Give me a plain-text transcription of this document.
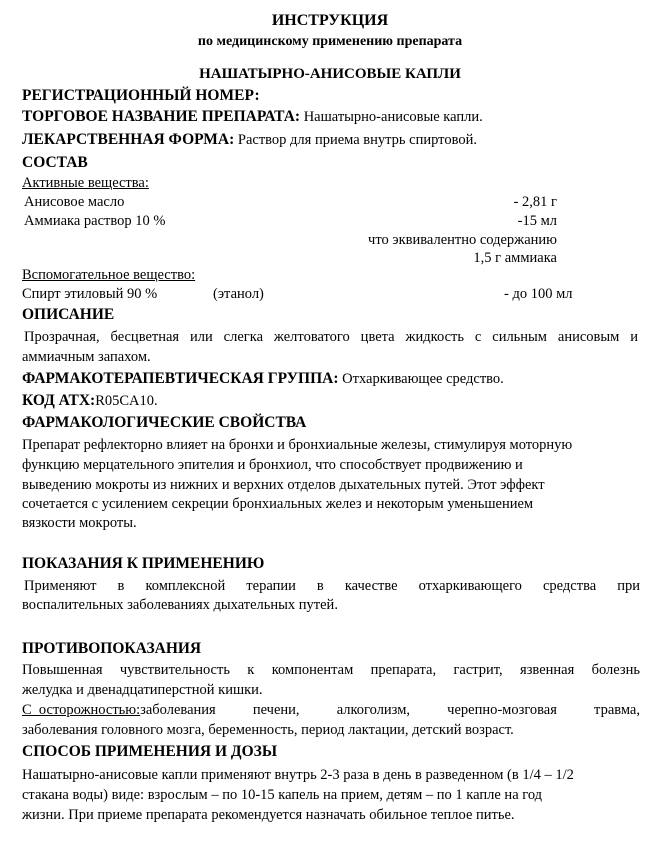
ИНСТРУКЦИЯ
по медицинскому применению препарата
НАШАТЫРНО-АНИСОВЫЕ КАПЛИ
РЕГИСТРАЦИОННЫЙ НОМЕР:
ТОРГОВОЕ НАЗВАНИЕ ПРЕПАРАТА: Нашатырно-анисовые капли.
ЛЕКАРСТВЕННАЯ ФОРМА: Раствор для приема внутрь спиртовой.
СОСТАВ
Активные вещества:
Анисовое масло	- 2,81 г
Аммиака раствор 10 %	-15 мл
что эквивалентно содержанию
1,5 г аммиака
Вспомогательное вещество:
Спирт этиловый 90 %	(этанол)	- до 100 мл
ОПИСАНИЕ
Прозрачная, бесцветная или слегка желтоватого цвета жидкость с сильным анисовым и
аммиачным запахом.
ФАРМАКОТЕРАПЕВТИЧЕСКАЯ ГРУППА: Отхаркивающее средство.
КОД АТХ:R05CA10.
ФАРМАКОЛОГИЧЕСКИЕ СВОЙСТВА
Препарат рефлекторно влияет на бронхи и бронхиальные железы, стимулируя моторную
функцию мерцательного эпителия и бронхиол, что способствует продвижению и
выведению мокроты из нижних и верхних отделов дыхательных путей. Этот эффект
сочетается с усилением секреции бронхиальных желез и некоторым уменьшением
вязкости мокроты.
ПОКАЗАНИЯ К ПРИМЕНЕНИЮ
Применяют в комплексной терапии в качестве отхаркивающего средства при
воспалительных заболеваниях дыхательных путей.
ПРОТИВОПОКАЗАНИЯ
Повышенная чувствительность к компонентам препарата, гастрит, язвенная болезнь
желудка и двенадцатиперстной кишки.
С  осторожностью: заболевания печени, алкоголизм, черепно-мозговая травма,
заболевания головного мозга, беременность, период лактации, детский возраст.
СПОСОБ ПРИМЕНЕНИЯ И ДОЗЫ
Нашатырно-анисовые капли применяют внутрь 2-3 раза в день в разведенном (в 1/4 – 1/2
стакана воды) виде: взрослым – по 10-15 капель на прием, детям – по 1 капле на год
жизни. При приеме препарата рекомендуется назначать обильное теплое питье.
